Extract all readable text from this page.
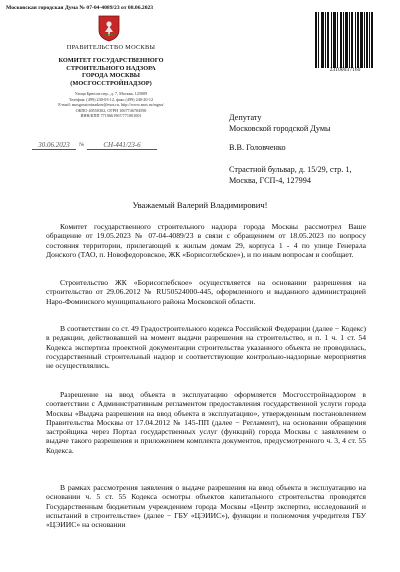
Московская городская Дума № 07-04-4089/23 от 08.06.2023
ПРАВИТЕЛЬСТВО МОСКВЫ
КОМИТЕТ ГОСУДАРСТВЕННОГО
СТРОИТЕЛЬНОГО НАДЗОРА
ГОРОДА МОСКВЫ
(МОСГОССТРОЙНАДЗОР)
Улица Брюсов пер., д. 7, Москва, 125009
Телефон: (499) 240-03-12, факс (499) 240-20-12
E-mail: mosgosstroinadzor@mos.ru, http://www.mos.ru/mgsn/
ОКПО 40550302, ОГРН 1067746704590
ИНН/КПП 7710661967/771001001
30.06.2023	№	СН-441/23-6
23100037160
Депутату
Московской городской Думы
В.В. Головченко
Страстной бульвар, д. 15/29, стр. 1,
Москва, ГСП-4, 127994
Уважаемый Валерий Владимирович!

Комитет государственного строительного надзора города Москвы рассмотрел Ваше обращение от 19.05.2023 № 07-04-4089/23 в связи с обращением от 18.05.2023 по вопросу состояния территории, прилегающей к жилым домам 29, корпуса 1 - 4 по улице Генерала Донского (ТАО, п. Новофедоровское, ЖК «Борисоглебское»), и по иным вопросам и сообщает.

Строительство ЖК «Борисоглебское» осуществляется на основании разрешения на строительство от 29.06.2012 № RU50524000-445, оформленного и выданного администрацией Наро-Фоминского муниципального района Московской области.

В соответствии со ст. 49 Градостроительного кодекса Российской Федерации (далее − Кодекс) в редакции, действовавшей на момент выдачи разрешения на строительство, и п. 1 ч. 1 ст. 54 Кодекса экспертиза проектной документации строительства указанного объекта не проводилась, государственный строительный надзор и соответствующие контрольно-надзорные мероприятия не осуществлялись.

Разрешение на ввод объекта в эксплуатацию оформляется Мосгосстройнадзором в соответствии с Административным регламентом предоставления государственной услуги города Москвы «Выдача разрешения на ввод объекта в эксплуатацию», утвержденным постановлением Правительства Москвы от 17.04.2012 № 145-ПП (далее − Регламент), на основании обращения застройщика через Портал государственных услуг (функций) города Москвы с заявлением о выдаче такого разрешения и приложением комплекта документов, предусмотренного ч. 3, 4 ст. 55 Кодекса.

В рамках рассмотрения заявления о выдаче разрешения на ввод объекта в эксплуатацию на основании ч. 5 ст. 55 Кодекса осмотры объектов капитального строительства проводятся Государственным бюджетным учреждением города Москвы «Центр экспертиз, исследований и испытаний в строительстве» (далее − ГБУ «ЦЭИИС»), функции и полномочия учредителя ГБУ «ЦЭИИС» на основании
